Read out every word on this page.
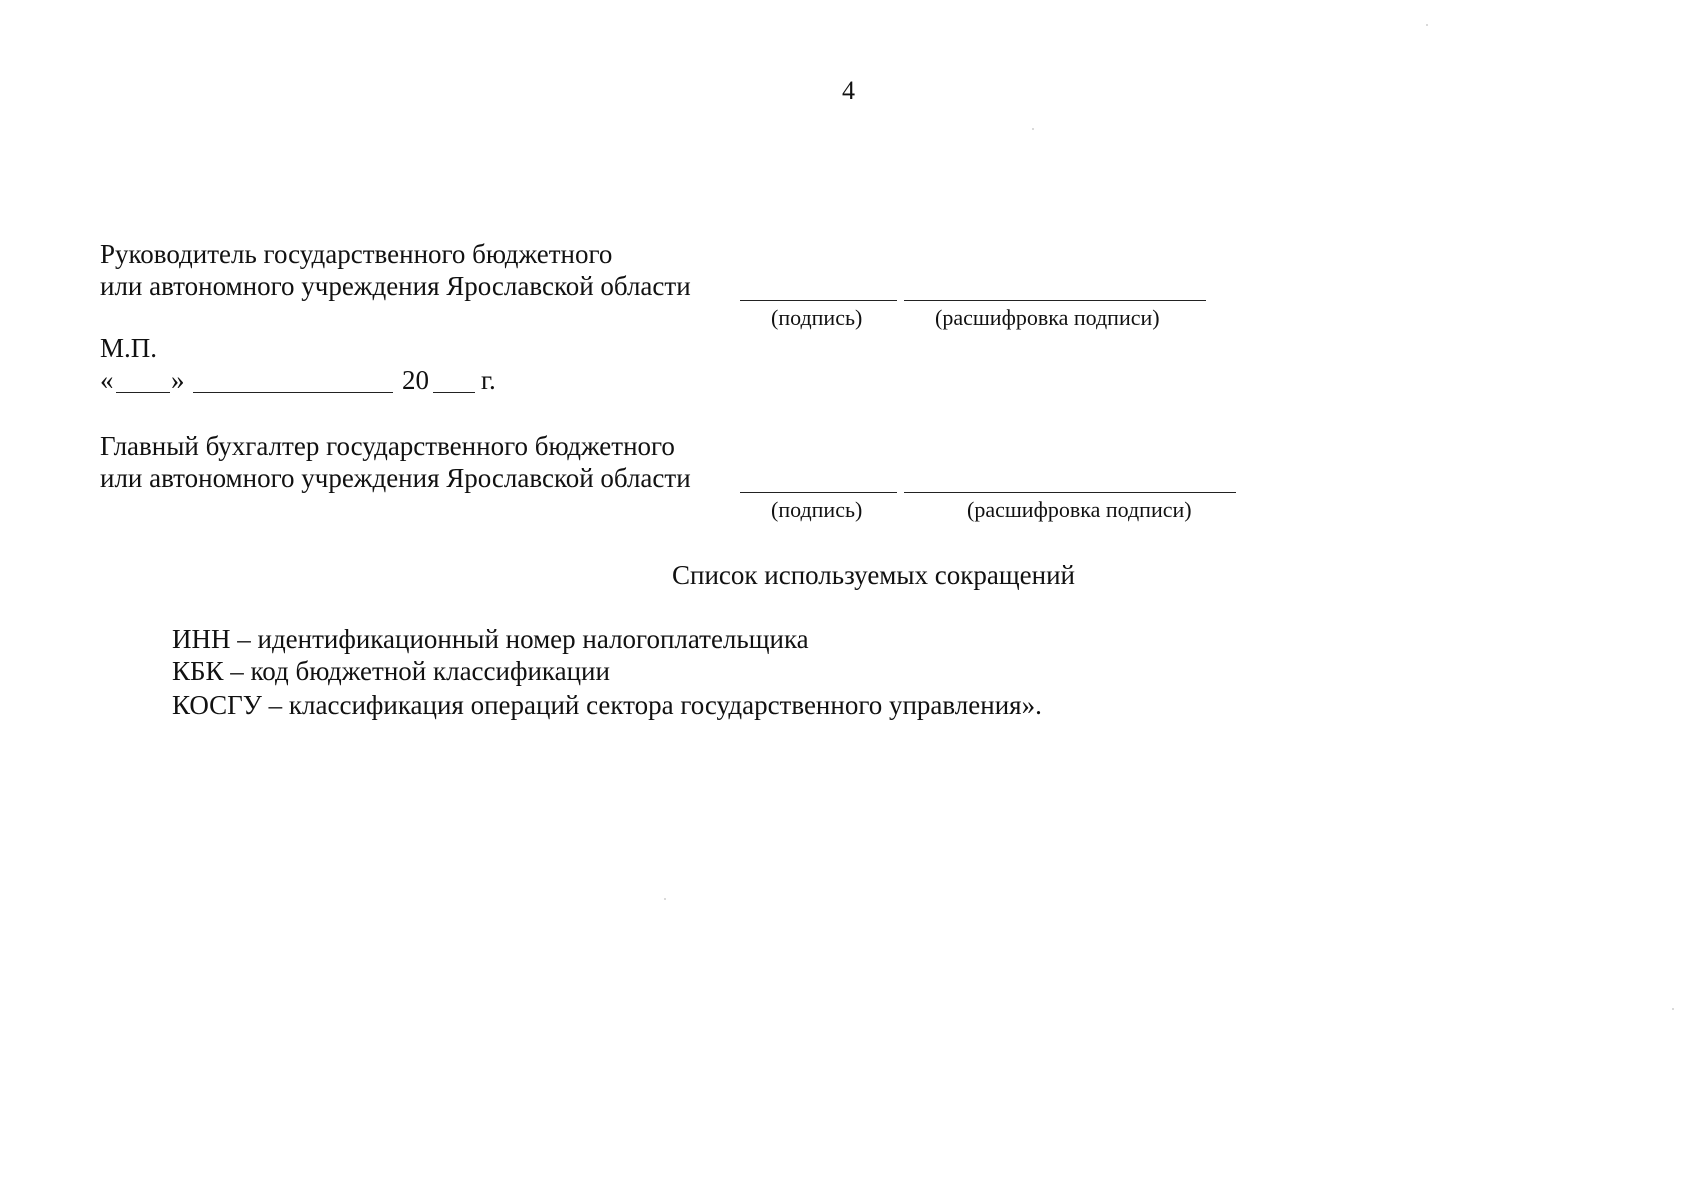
4
Руководитель государственного бюджетного
или автономного учреждения Ярославской области
(подпись)	(расшифровка подписи)
М.П.
« »	20 г.
Главный бухгалтер государственного бюджетного
или автономного учреждения Ярославской области
(подпись)	(расшифровка подписи)
Список используемых сокращений
ИНН – идентификационный номер налогоплательщика
КБК – код бюджетной классификации
КОСГУ – классификация операций сектора государственного управления».
